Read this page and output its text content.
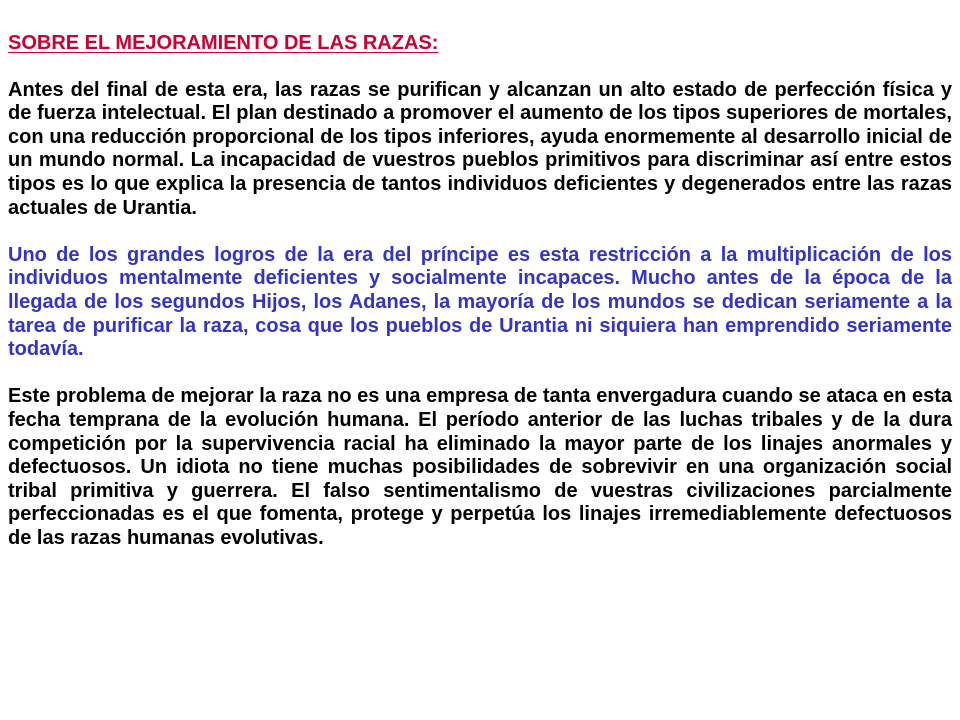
SOBRE EL MEJORAMIENTO DE LAS RAZAS:

Antes del final de esta era, las razas se purifican y alcanzan un alto estado de perfección física y de fuerza intelectual. El plan destinado a promover el aumento de los tipos superiores de mortales, con una reducción proporcional de los tipos inferiores, ayuda enormemente al desarrollo inicial de un mundo normal. La incapacidad de vuestros pueblos primitivos para discriminar así entre estos tipos es lo que explica la presencia de tantos individuos deficientes y degenerados entre las razas actuales de Urantia.

Uno de los grandes logros de la era del príncipe es esta restricción a la multiplicación de los individuos mentalmente deficientes y socialmente incapaces. Mucho antes de la época de la llegada de los segundos Hijos, los Adanes, la mayoría de los mundos se dedican seriamente a la tarea de purificar la raza, cosa que los pueblos de Urantia ni siquiera han emprendido seriamente todavía.

Este problema de mejorar la raza no es una empresa de tanta envergadura cuando se ataca en esta fecha temprana de la evolución humana. El período anterior de las luchas tribales y de la dura competición por la supervivencia racial ha eliminado la mayor parte de los linajes anormales y defectuosos. Un idiota no tiene muchas posibilidades de sobrevivir en una organización social tribal primitiva y guerrera. El falso sentimentalismo de vuestras civilizaciones parcialmente perfeccionadas es el que fomenta, protege y perpetúa los linajes irremediablemente defectuosos de las razas humanas evolutivas.
